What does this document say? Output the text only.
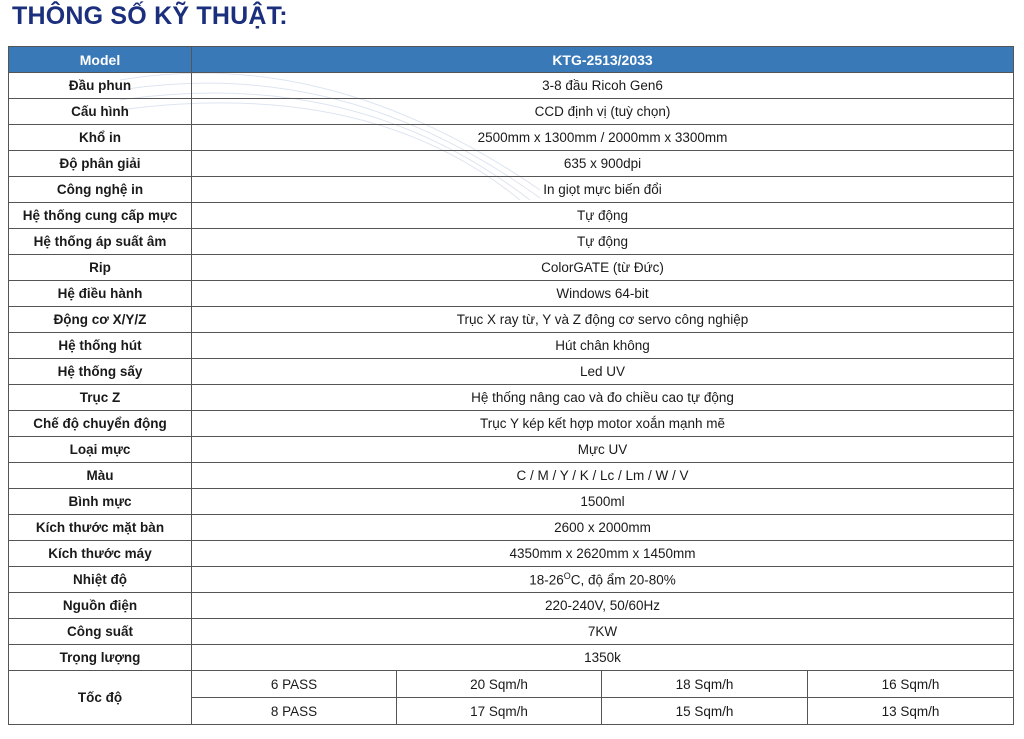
THÔNG SỐ KỸ THUẬT:
Model	KTG-2513/2033			
Đầu phun	3-8 đầu Ricoh Gen6			
Cấu hình	CCD định vị (tuỳ chọn)			
Khổ in	2500mm x 1300mm / 2000mm x 3300mm			
Độ phân giải	635 x 900dpi			
Công nghệ in	In giọt mực biến đổi			
Hệ thống cung cấp mực	Tự động			
Hệ thống áp suất âm	Tự động			
Rip	ColorGATE (từ Đức)			
Hệ điều hành	Windows 64-bit			
Động cơ X/Y/Z	Trục X ray từ, Y và Z động cơ servo công nghiệp			
Hệ thống hút	Hút chân không			
Hệ thống sấy	Led UV			
Trục Z	Hệ thống nâng cao và đo chiều cao tự động			
Chế độ chuyển động	Trục Y kép kết hợp motor xoắn mạnh mẽ			
Loại mực	Mực UV			
Màu	C / M / Y / K / Lc / Lm / W / V			
Bình mực	1500ml			
Kích thước mặt bàn	2600 x 2000mm			
Kích thước máy	4350mm x 2620mm x 1450mm			
Nhiệt độ	$18-26^OC$, độ ẩm 20-80%			
Nguồn điện	220-240V, 50/60Hz			
Công suất	7KW			
Trọng lượng	1350k			
Tốc độ	6 PASS	20 Sqm/h	18 Sqm/h	16 Sqm/h
	8 PASS	17 Sqm/h	15 Sqm/h	13 Sqm/h
